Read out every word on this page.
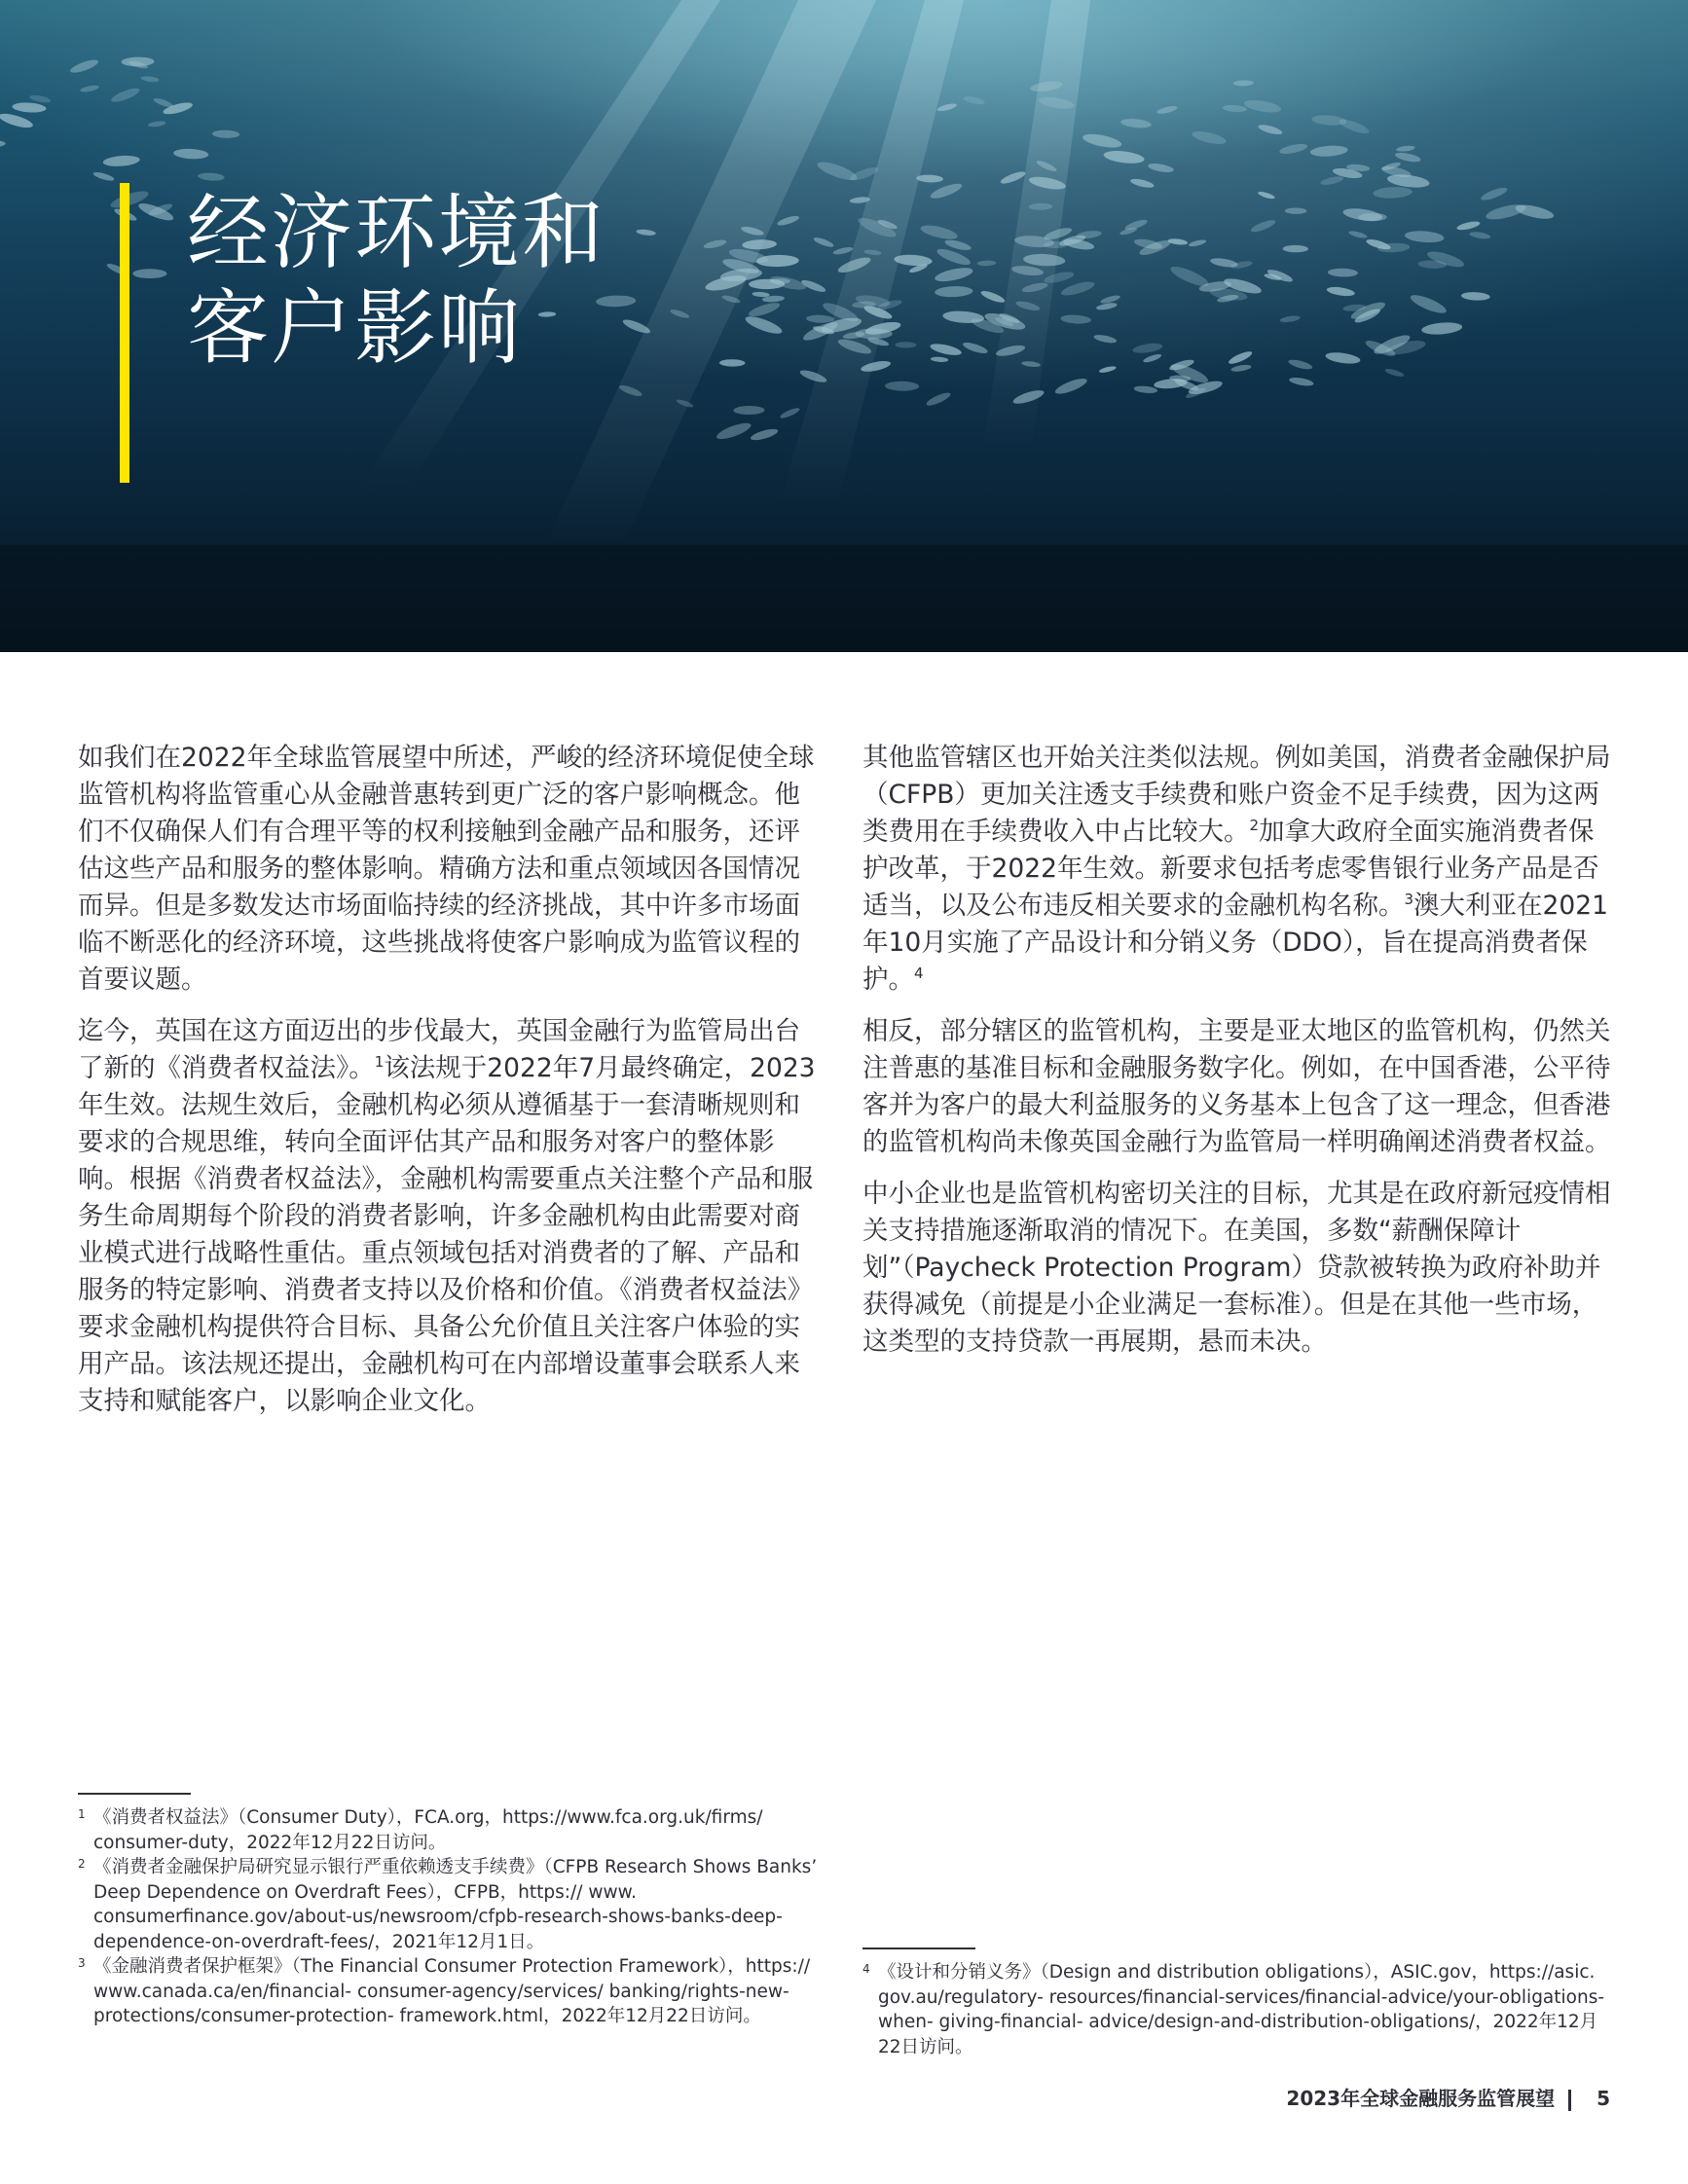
经济环境和
客户影响

如我们在2022年全球监管展望中所述，严峻的经济环境促使全球监管机构将监管重心从金融普惠转到更广泛的客户影响概念。他们不仅确保人们有合理平等的权利接触到金融产品和服务，还评估这些产品和服务的整体影响。精确方法和重点领域因各国情况而异。但是多数发达市场面临持续的经济挑战，其中许多市场面临不断恶化的经济环境，这些挑战将使客户影响成为监管议程的首要议题。

迄今，英国在这方面迈出的步伐最大，英国金融行为监管局出台了新的《消费者权益法》。$^1$该法规于2022年7月最终确定，2023年生效。法规生效后，金融机构必须从遵循基于一套清晰规则和要求的合规思维，转向全面评估其产品和服务对客户的整体影响。根据《消费者权益法》，金融机构需要重点关注整个产品和服务生命周期每个阶段的消费者影响，许多金融机构由此需要对商业模式进行战略性重估。重点领域包括对消费者的了解、产品和服务的特定影响、消费者支持以及价格和价值。《消费者权益法》要求金融机构提供符合目标、具备公允价值且关注客户体验的实用产品。该法规还提出，金融机构可在内部增设董事会联系人来支持和赋能客户，以影响企业文化。

其他监管辖区也开始关注类似法规。例如美国，消费者金融保护局（CFPB）更加关注透支手续费和账户资金不足手续费，因为这两类费用在手续费收入中占比较大。$^2$加拿大政府全面实施消费者保护改革，于2022年生效。新要求包括考虑零售银行业务产品是否适当，以及公布违反相关要求的金融机构名称。$^3$澳大利亚在2021年10月实施了产品设计和分销义务（DDO），旨在提高消费者保护。$^4$

相反，部分辖区的监管机构，主要是亚太地区的监管机构，仍然关注普惠的基准目标和金融服务数字化。例如，在中国香港，公平待客并为客户的最大利益服务的义务基本上包含了这一理念，但香港的监管机构尚未像英国金融行为监管局一样明确阐述消费者权益。

中小企业也是监管机构密切关注的目标，尤其是在政府新冠疫情相关支持措施逐渐取消的情况下。在美国，多数“薪酬保障计划”（Paycheck Protection Program）贷款被转换为政府补助并获得减免（前提是小企业满足一套标准）。但是在其他一些市场，这类型的支持贷款一再展期，悬而未决。

1 《消费者权益法》（Consumer Duty），FCA.org，https://www.fca.org.uk/firms/ consumer-duty，2022年12月22日访问。
2 《消费者金融保护局研究显示银行严重依赖透支手续费》（CFPB Research Shows Banks’ Deep Dependence on Overdraft Fees），CFPB，https:// www. consumerfinance.gov/about-us/newsroom/cfpb-research-shows-banks-deep- dependence-on-overdraft-fees/，2021年12月1日。
3 《金融消费者保护框架》（The Financial Consumer Protection Framework），https:// www.canada.ca/en/financial- consumer-agency/services/ banking/rights-new- protections/consumer-protection- framework.html，2022年12月22日访问。
4 《设计和分销义务》（Design and distribution obligations），ASIC.gov，https://asic. gov.au/regulatory- resources/financial-services/financial-advice/your-obligations-when- giving-financial- advice/design-and-distribution-obligations/，2022年12月22日访问。
2023年全球金融服务监管展望 5
